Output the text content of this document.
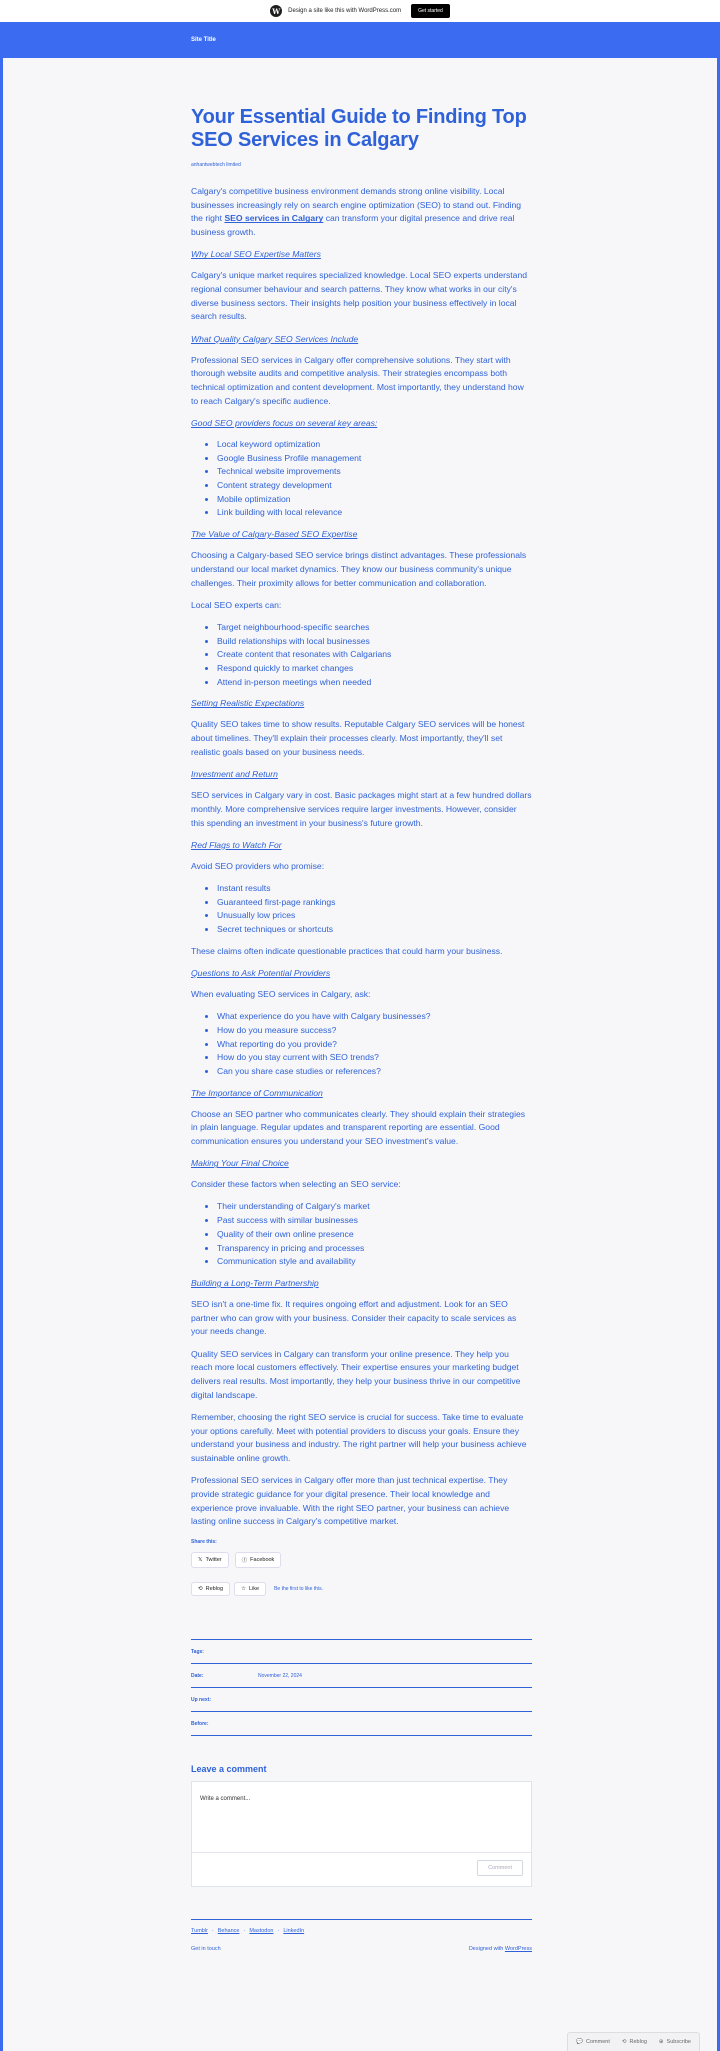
W	Design a site like this with WordPress.com	Get started
Site Title
Your Essential Guide to Finding Top SEO Services in Calgary
anhantwebtech limited

Calgary's competitive business environment demands strong online visibility. Local businesses increasingly rely on search engine optimization (SEO) to stand out. Finding the right SEO services in Calgary can transform your digital presence and drive real business growth.

Why Local SEO Expertise Matters

Calgary's unique market requires specialized knowledge. Local SEO experts understand regional consumer behaviour and search patterns. They know what works in our city's diverse business sectors. Their insights help position your business effectively in local search results.

What Quality Calgary SEO Services Include

Professional SEO services in Calgary offer comprehensive solutions. They start with thorough website audits and competitive analysis. Their strategies encompass both technical optimization and content development. Most importantly, they understand how to reach Calgary's specific audience.

Good SEO providers focus on several key areas:
• Local keyword optimization
• Google Business Profile management
• Technical website improvements
• Content strategy development
• Mobile optimization
• Link building with local relevance
The Value of Calgary-Based SEO Expertise

Choosing a Calgary-based SEO service brings distinct advantages. These professionals understand our local market dynamics. They know our business community's unique challenges. Their proximity allows for better communication and collaboration.

Local SEO experts can:

• Target neighbourhood-specific searches
• Build relationships with local businesses
• Create content that resonates with Calgarians
• Respond quickly to market changes
• Attend in-person meetings when needed
Setting Realistic Expectations

Quality SEO takes time to show results. Reputable Calgary SEO services will be honest about timelines. They'll explain their processes clearly. Most importantly, they'll set realistic goals based on your business needs.

Investment and Return

SEO services in Calgary vary in cost. Basic packages might start at a few hundred dollars monthly. More comprehensive services require larger investments. However, consider this spending an investment in your business's future growth.

Red Flags to Watch For

Avoid SEO providers who promise:

• Instant results
• Guaranteed first-page rankings
• Unusually low prices
• Secret techniques or shortcuts

These claims often indicate questionable practices that could harm your business.

Questions to Ask Potential Providers

When evaluating SEO services in Calgary, ask:

• What experience do you have with Calgary businesses?
• How do you measure success?
• What reporting do you provide?
• How do you stay current with SEO trends?
• Can you share case studies or references?
The Importance of Communication

Choose an SEO partner who communicates clearly. They should explain their strategies in plain language. Regular updates and transparent reporting are essential. Good communication ensures you understand your SEO investment's value.

Making Your Final Choice

Consider these factors when selecting an SEO service:

• Their understanding of Calgary's market
• Past success with similar businesses
• Quality of their own online presence
• Transparency in pricing and processes
• Communication style and availability
Building a Long-Term Partnership

SEO isn't a one-time fix. It requires ongoing effort and adjustment. Look for an SEO partner who can grow with your business. Consider their capacity to scale services as your needs change.

Quality SEO services in Calgary can transform your online presence. They help you reach more local customers effectively. Their expertise ensures your marketing budget delivers real results. Most importantly, they help your business thrive in our competitive digital landscape.

Remember, choosing the right SEO service is crucial for success. Take time to evaluate your options carefully. Meet with potential providers to discuss your goals. Ensure they understand your business and industry. The right partner will help your business achieve sustainable online growth.

Professional SEO services in Calgary offer more than just technical expertise. They provide strategic guidance for your digital presence. Their local knowledge and experience prove invaluable. With the right SEO partner, your business can achieve lasting online success in Calgary's competitive market.

Share this:
𝕏 Twitter	ⓕ Facebook
⟲ Reblog	☆ Like	Be the first to like this.
Tags:
Date:	November 22, 2024
Up next:
Before:
Leave a comment
Write a comment...
Comment
Tumblr · Behance · Mastodon · LinkedIn
Get in touch	Designed with WordPress
💬 Comment ⟲ Reblog ⊕ Subscribe
